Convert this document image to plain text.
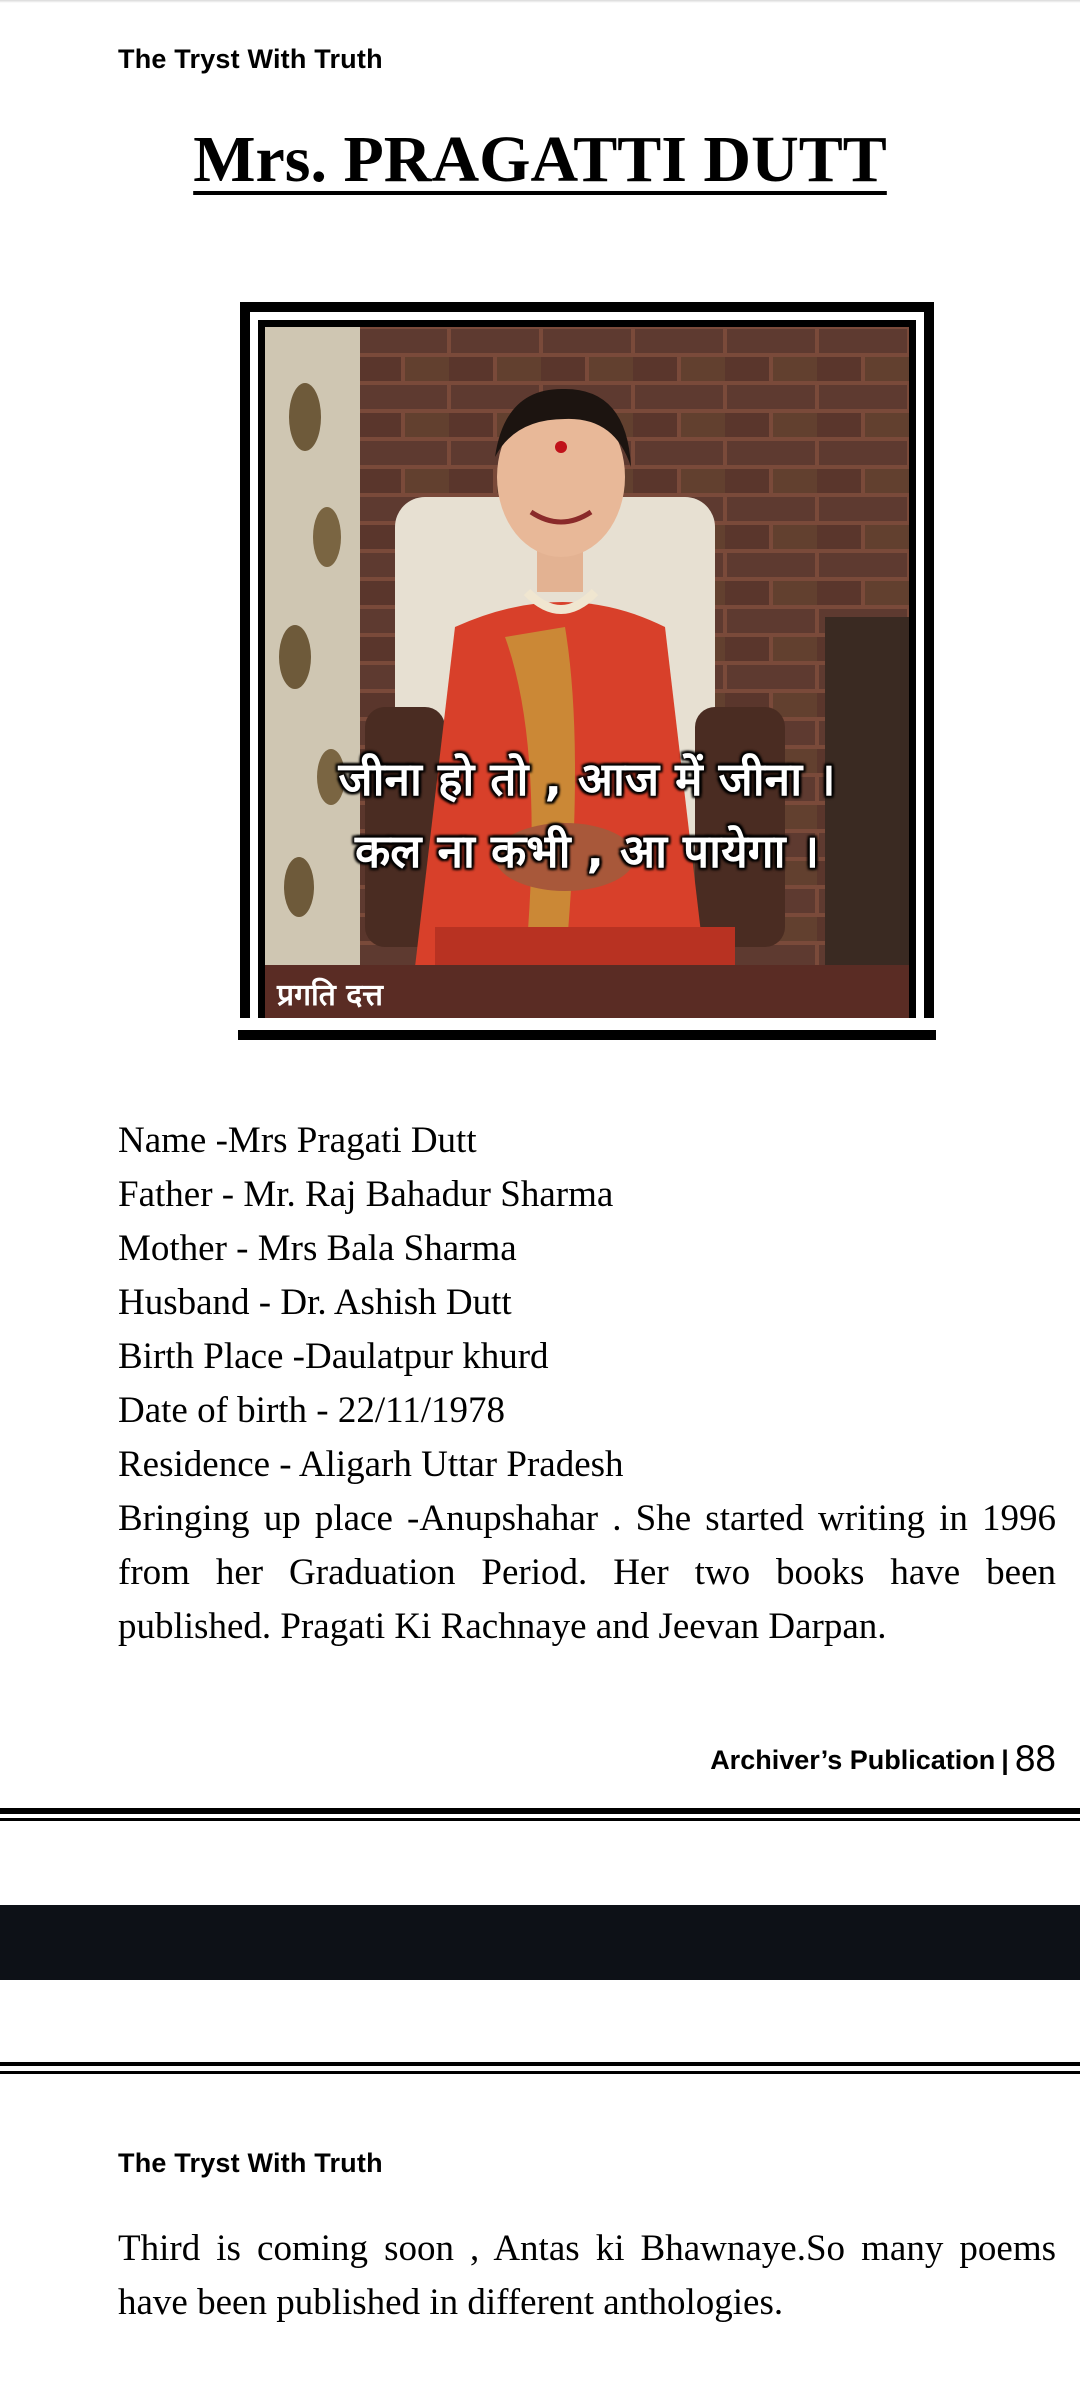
The Tryst With Truth
Mrs. PRAGATTI DUTT
जीना हो तो , आज में जीना ।
कल ना कभी , आ पायेगा ।
प्रगति दत्त
Name -Mrs Pragati Dutt
Father - Mr. Raj Bahadur Sharma
Mother - Mrs Bala Sharma
Husband - Dr. Ashish Dutt
Birth Place -Daulatpur khurd
Date of birth - 22/11/1978
Residence - Aligarh Uttar Pradesh
Bringing up place -Anupshahar . She started writing in 1996 from her Graduation Period. Her two books have been published. Pragati Ki Rachnaye and Jeevan Darpan.
Archiver’s Publication | 88
The Tryst With Truth
Third is coming soon , Antas ki Bhawnaye.So many poems have been published in different anthologies.
